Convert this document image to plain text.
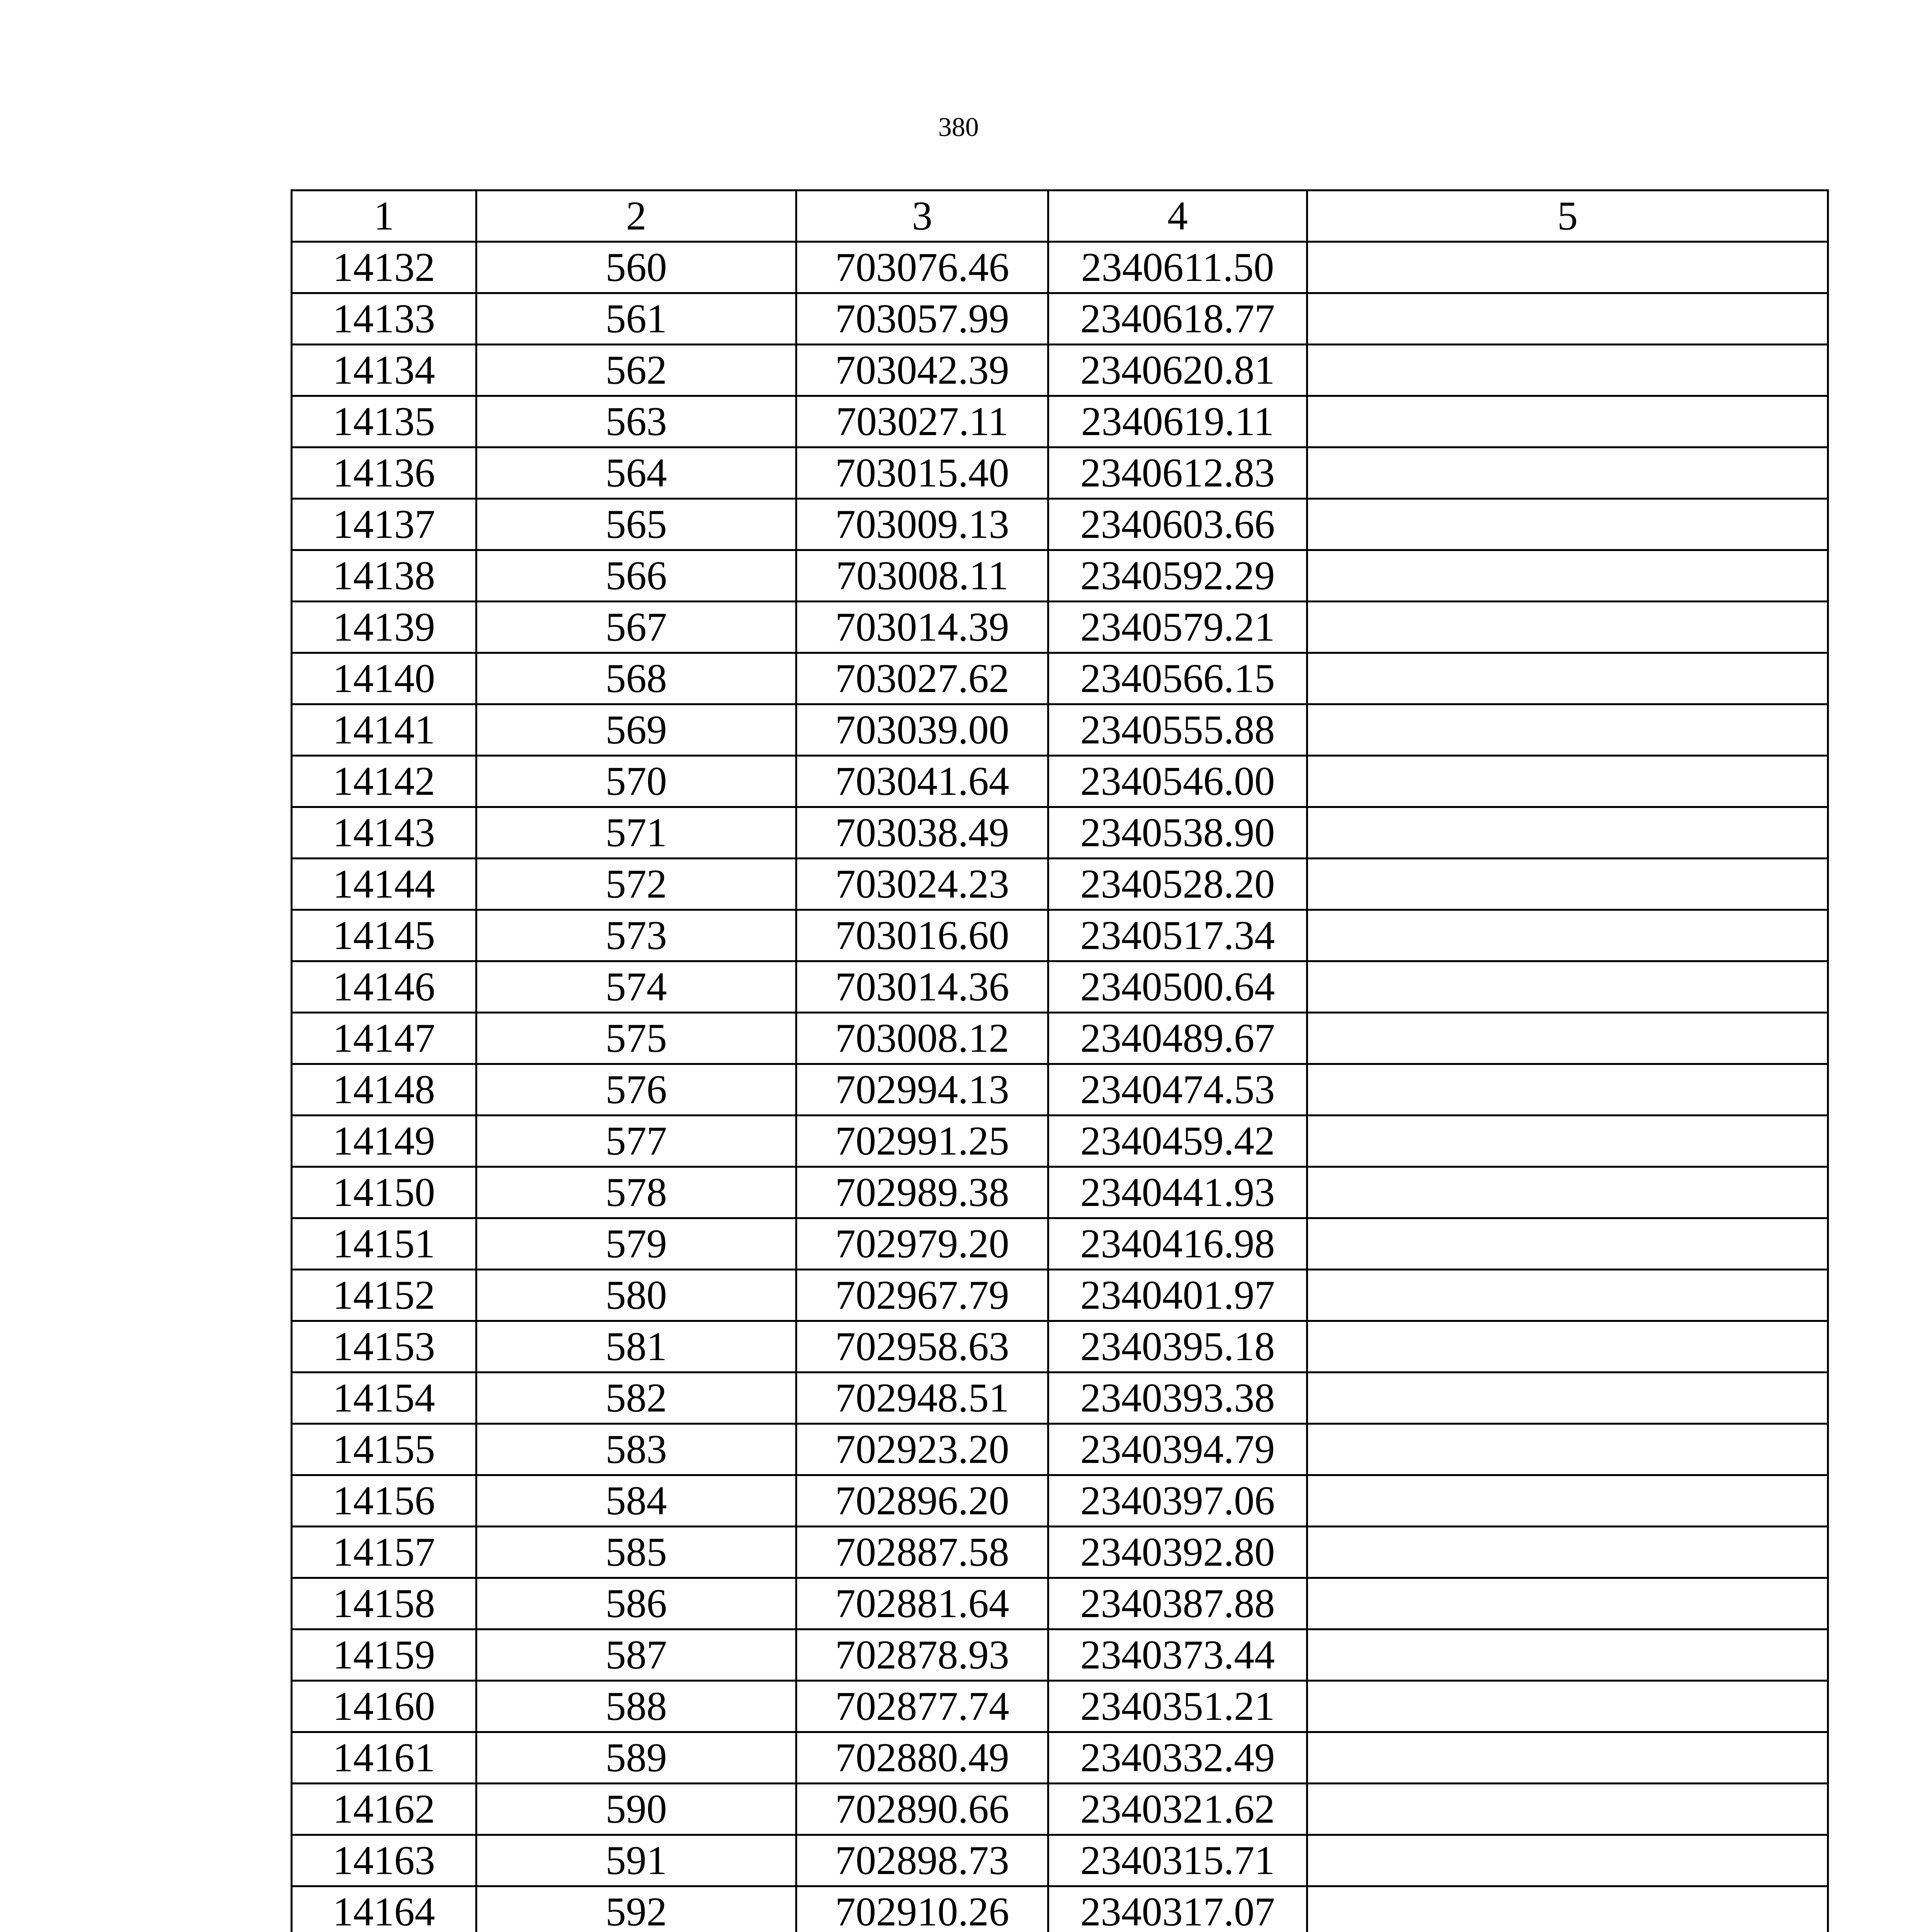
380
1	2	3	4	5
14132	560	703076.46	2340611.50	
14133	561	703057.99	2340618.77	
14134	562	703042.39	2340620.81	
14135	563	703027.11	2340619.11	
14136	564	703015.40	2340612.83	
14137	565	703009.13	2340603.66	
14138	566	703008.11	2340592.29	
14139	567	703014.39	2340579.21	
14140	568	703027.62	2340566.15	
14141	569	703039.00	2340555.88	
14142	570	703041.64	2340546.00	
14143	571	703038.49	2340538.90	
14144	572	703024.23	2340528.20	
14145	573	703016.60	2340517.34	
14146	574	703014.36	2340500.64	
14147	575	703008.12	2340489.67	
14148	576	702994.13	2340474.53	
14149	577	702991.25	2340459.42	
14150	578	702989.38	2340441.93	
14151	579	702979.20	2340416.98	
14152	580	702967.79	2340401.97	
14153	581	702958.63	2340395.18	
14154	582	702948.51	2340393.38	
14155	583	702923.20	2340394.79	
14156	584	702896.20	2340397.06	
14157	585	702887.58	2340392.80	
14158	586	702881.64	2340387.88	
14159	587	702878.93	2340373.44	
14160	588	702877.74	2340351.21	
14161	589	702880.49	2340332.49	
14162	590	702890.66	2340321.62	
14163	591	702898.73	2340315.71	
14164	592	702910.26	2340317.07	
